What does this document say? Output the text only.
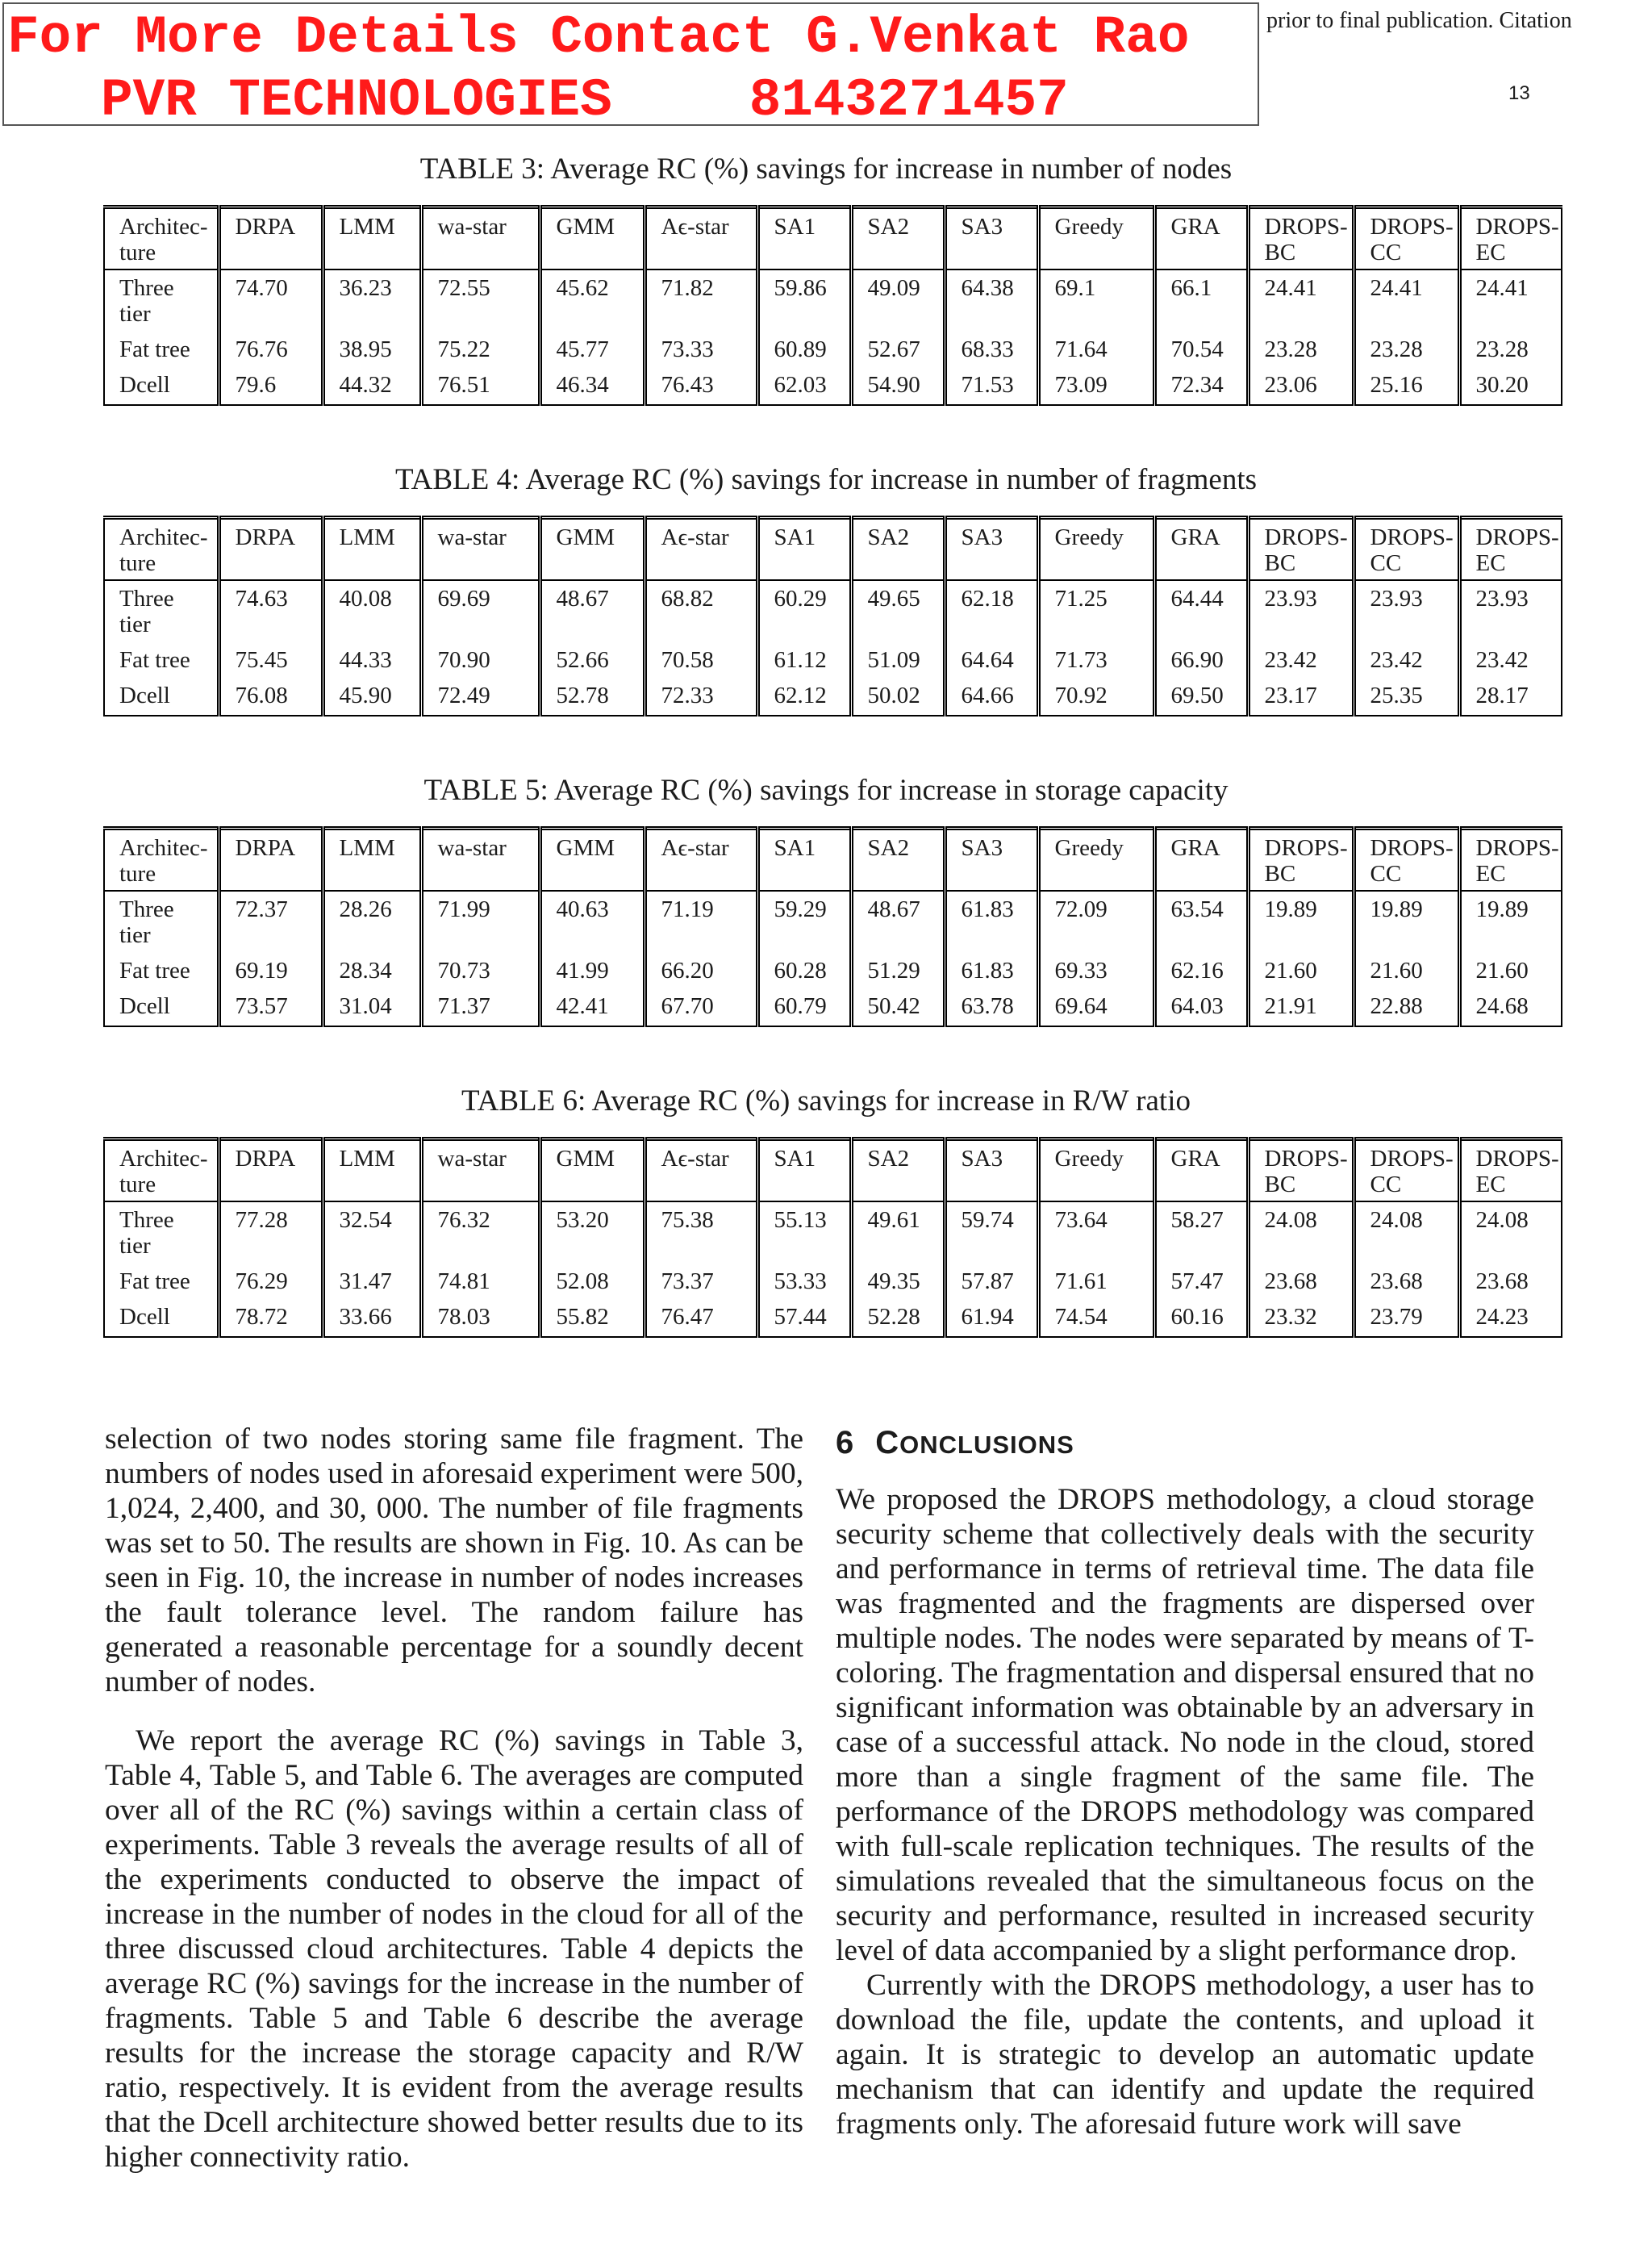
For More Details Contact G.Venkat Rao
PVR TECHNOLOGIES	8143271457
prior to final publication. Citation
13
TABLE 3: Average RC (%) savings for increase in number of nodes
Architec-ture	DRPA	LMM	wa-star	GMM	Aϵ-star	SA1	SA2	SA3	Greedy	GRA	DROPS-BC	DROPS-CC	DROPS-EC
Three tier	74.70	36.23	72.55	45.62	71.82	59.86	49.09	64.38	69.1	66.1	24.41	24.41	24.41
Fat tree	76.76	38.95	75.22	45.77	73.33	60.89	52.67	68.33	71.64	70.54	23.28	23.28	23.28
Dcell	79.6	44.32	76.51	46.34	76.43	62.03	54.90	71.53	73.09	72.34	23.06	25.16	30.20
TABLE 4: Average RC (%) savings for increase in number of fragments
Architec-ture	DRPA	LMM	wa-star	GMM	Aϵ-star	SA1	SA2	SA3	Greedy	GRA	DROPS-BC	DROPS-CC	DROPS-EC
Three tier	74.63	40.08	69.69	48.67	68.82	60.29	49.65	62.18	71.25	64.44	23.93	23.93	23.93
Fat tree	75.45	44.33	70.90	52.66	70.58	61.12	51.09	64.64	71.73	66.90	23.42	23.42	23.42
Dcell	76.08	45.90	72.49	52.78	72.33	62.12	50.02	64.66	70.92	69.50	23.17	25.35	28.17
TABLE 5: Average RC (%) savings for increase in storage capacity
Architec-ture	DRPA	LMM	wa-star	GMM	Aϵ-star	SA1	SA2	SA3	Greedy	GRA	DROPS-BC	DROPS-CC	DROPS-EC
Three tier	72.37	28.26	71.99	40.63	71.19	59.29	48.67	61.83	72.09	63.54	19.89	19.89	19.89
Fat tree	69.19	28.34	70.73	41.99	66.20	60.28	51.29	61.83	69.33	62.16	21.60	21.60	21.60
Dcell	73.57	31.04	71.37	42.41	67.70	60.79	50.42	63.78	69.64	64.03	21.91	22.88	24.68
TABLE 6: Average RC (%) savings for increase in R/W ratio
Architec-ture	DRPA	LMM	wa-star	GMM	Aϵ-star	SA1	SA2	SA3	Greedy	GRA	DROPS-BC	DROPS-CC	DROPS-EC
Three tier	77.28	32.54	76.32	53.20	75.38	55.13	49.61	59.74	73.64	58.27	24.08	24.08	24.08
Fat tree	76.29	31.47	74.81	52.08	73.37	53.33	49.35	57.87	71.61	57.47	23.68	23.68	23.68
Dcell	78.72	33.66	78.03	55.82	76.47	57.44	52.28	61.94	74.54	60.16	23.32	23.79	24.23

selection of two nodes storing same file fragment. The numbers of nodes used in aforesaid experiment were 500, 1,024, 2,400, and 30, 000. The number of file fragments was set to 50. The results are shown in Fig. 10. As can be seen in Fig. 10, the increase in number of nodes increases the fault tolerance level. The random failure has generated a reasonable percentage for a soundly decent number of nodes.

We report the average RC (%) savings in Table 3, Table 4, Table 5, and Table 6. The averages are computed over all of the RC (%) savings within a certain class of experiments. Table 3 reveals the average results of all of the experiments conducted to observe the impact of increase in the number of nodes in the cloud for all of the three discussed cloud architectures. Table 4 depicts the average RC (%) savings for the increase in the number of fragments. Table 5 and Table 6 describe the average results for the increase the storage capacity and R/W ratio, respectively. It is evident from the average results that the Dcell architecture showed better results due to its higher connectivity ratio.

6 CONCLUSIONS

We proposed the DROPS methodology, a cloud storage security scheme that collectively deals with the security and performance in terms of retrieval time. The data file was fragmented and the fragments are dispersed over multiple nodes. The nodes were separated by means of T-coloring. The fragmentation and dispersal ensured that no significant information was obtainable by an adversary in case of a successful attack. No node in the cloud, stored more than a single fragment of the same file. The performance of the DROPS methodology was compared with full-scale replication techniques. The results of the simulations revealed that the simultaneous focus on the security and performance, resulted in increased security level of data accompanied by a slight performance drop.

Currently with the DROPS methodology, a user has to download the file, update the contents, and upload it again. It is strategic to develop an automatic update mechanism that can identify and update the required fragments only. The aforesaid future work will save
